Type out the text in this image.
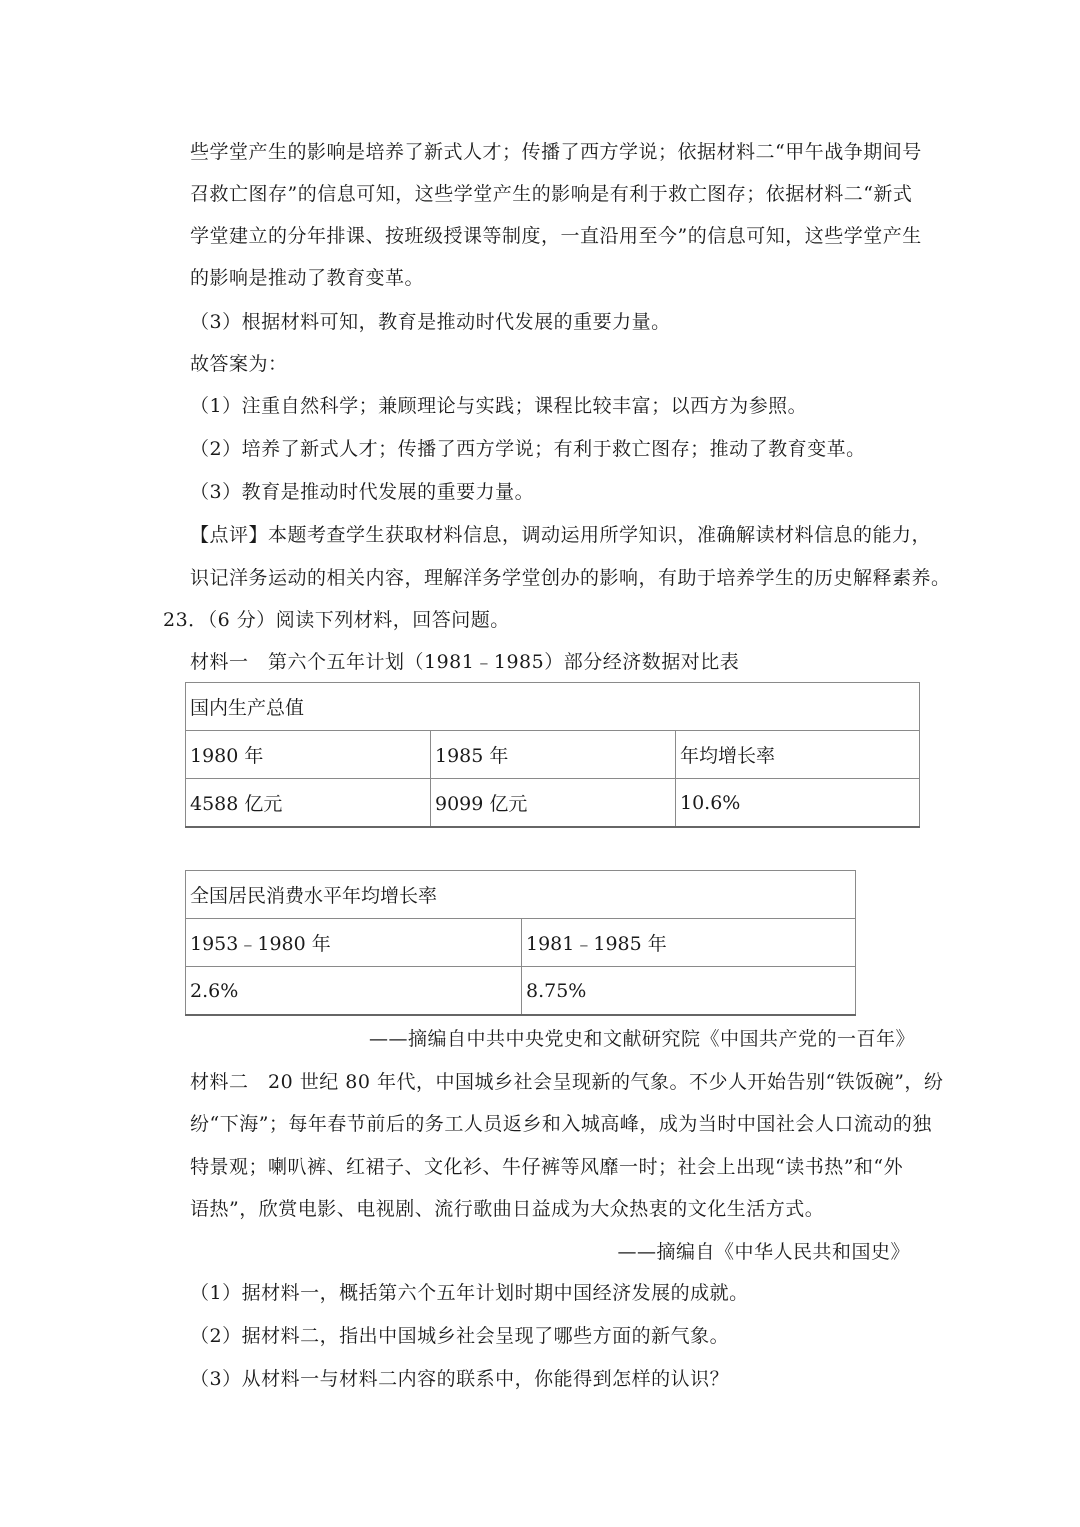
些学堂产生的影响是培养了新式人才；传播了西方学说；依据材料二“甲午战争期间号
召救亡图存”的信息可知，这些学堂产生的影响是有利于救亡图存；依据材料二“新式
学堂建立的分年排课、按班级授课等制度，一直沿用至今”的信息可知，这些学堂产生
的影响是推动了教育变革。
（3）根据材料可知，教育是推动时代发展的重要力量。
故答案为：
（1）注重自然科学；兼顾理论与实践；课程比较丰富；以西方为参照。
（2）培养了新式人才；传播了西方学说；有利于救亡图存；推动了教育变革。
（3）教育是推动时代发展的重要力量。
【点评】本题考查学生获取材料信息，调动运用所学知识，准确解读材料信息的能力，
识记洋务运动的相关内容，理解洋务学堂创办的影响，有助于培养学生的历史解释素养。
23．（6 分）阅读下列材料，回答问题。
材料一　第六个五年计划（1981﹣1985）部分经济数据对比表
国内生产总值		
1980 年	1985 年	年均增长率
4588 亿元	9099 亿元	10.6%
全国居民消费水平年均增长率	
1953﹣1980 年	1981﹣1985 年
2.6%	8.75%
——摘编自中共中央党史和文献研究院《中国共产党的一百年》
材料二　20 世纪 80 年代，中国城乡社会呈现新的气象。不少人开始告别“铁饭碗”，纷
纷“下海”；每年春节前后的务工人员返乡和入城高峰，成为当时中国社会人口流动的独
特景观；喇叭裤、红裙子、文化衫、牛仔裤等风靡一时；社会上出现“读书热”和“外
语热”，欣赏电影、电视剧、流行歌曲日益成为大众热衷的文化生活方式。
——摘编自《中华人民共和国史》
（1）据材料一，概括第六个五年计划时期中国经济发展的成就。
（2）据材料二，指出中国城乡社会呈现了哪些方面的新气象。
（3）从材料一与材料二内容的联系中，你能得到怎样的认识？
